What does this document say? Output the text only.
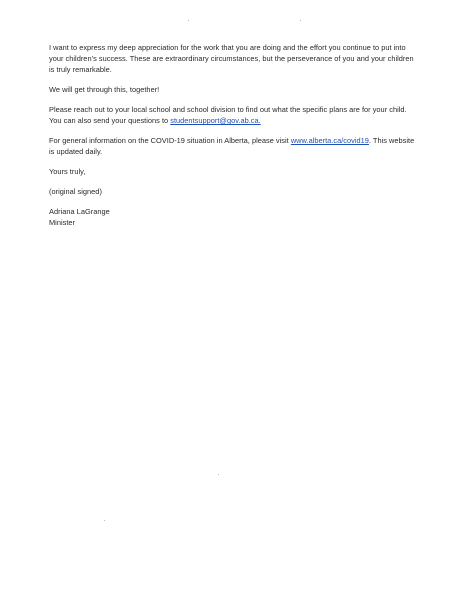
I want to express my deep appreciation for the work that you are doing and the effort you continue to put into your children’s success. These are extraordinary circumstances, but the perseverance of you and your children is truly remarkable.

We will get through this, together!

Please reach out to your local school and school division to find out what the specific plans are for your child. You can also send your questions to studentsupport@gov.ab.ca.

For general information on the COVID-19 situation in Alberta, please visit www.alberta.ca/covid19. This website is updated daily.

Yours truly,

(original signed)

Adriana LaGrange

Minister
